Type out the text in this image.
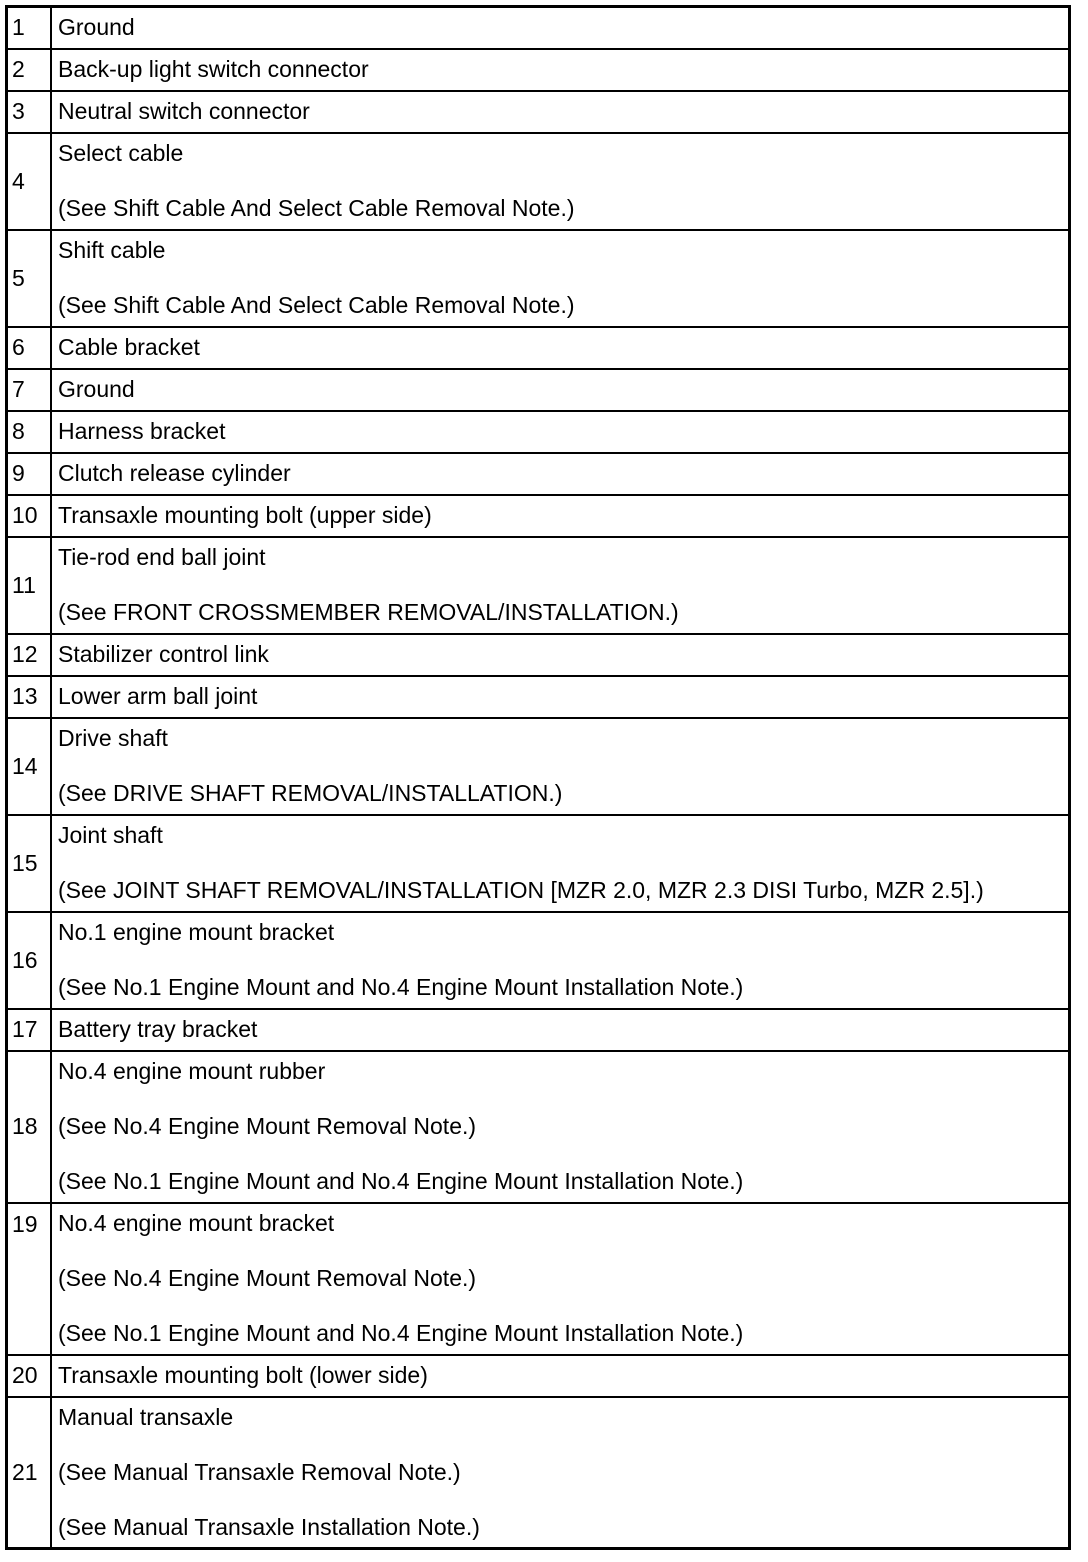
1	Ground

2	Back-up light switch connector

3	Neutral switch connector

4	Select cable
(See Shift Cable And Select Cable Removal Note.)

5	Shift cable
(See Shift Cable And Select Cable Removal Note.)

6	Cable bracket

7	Ground

8	Harness bracket

9	Clutch release cylinder

10	Transaxle mounting bolt (upper side)

11	Tie-rod end ball joint
(See FRONT CROSSMEMBER REMOVAL/INSTALLATION.)

12	Stabilizer control link

13	Lower arm ball joint

14	Drive shaft
(See DRIVE SHAFT REMOVAL/INSTALLATION.)

15	Joint shaft
(See JOINT SHAFT REMOVAL/INSTALLATION [MZR 2.0, MZR 2.3 DISI Turbo, MZR 2.5].)

16	No.1 engine mount bracket
(See No.1 Engine Mount and No.4 Engine Mount Installation Note.)

17	Battery tray bracket

18	No.4 engine mount rubber
(See No.4 Engine Mount Removal Note.)
(See No.1 Engine Mount and No.4 Engine Mount Installation Note.)

19	No.4 engine mount bracket
(See No.4 Engine Mount Removal Note.)
(See No.1 Engine Mount and No.4 Engine Mount Installation Note.)

20	Transaxle mounting bolt (lower side)

21	Manual transaxle
(See Manual Transaxle Removal Note.)
(See Manual Transaxle Installation Note.)
